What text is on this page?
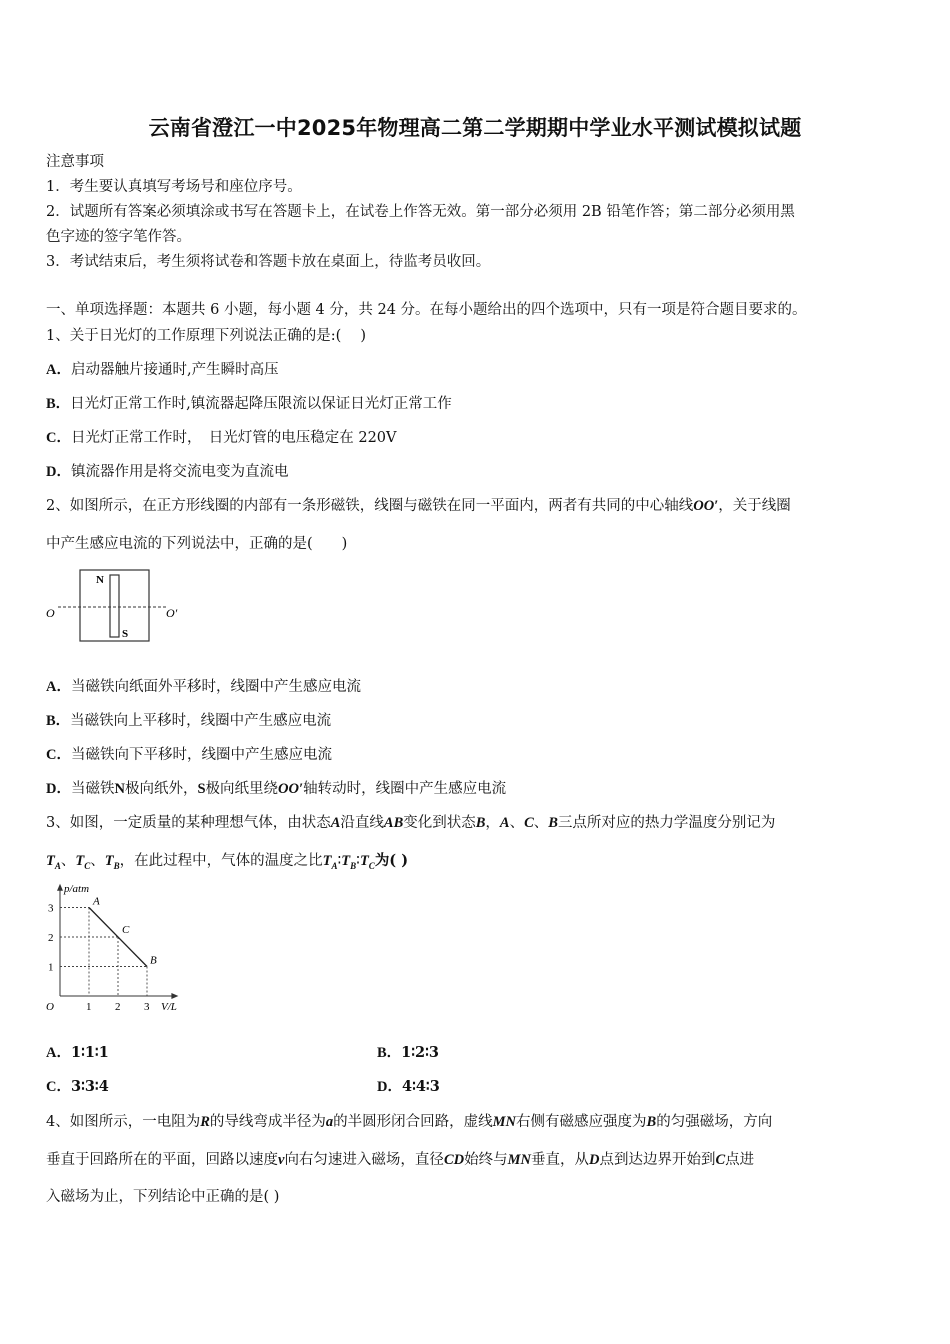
云南省澄江一中2025年物理高二第二学期期中学业水平测试模拟试题
注意事项
1．考生要认真填写考场号和座位序号。
2．试题所有答案必须填涂或书写在答题卡上，在试卷上作答无效。第一部分必须用 2B 铅笔作答；第二部分必须用黑
色字迹的签字笔作答。
3．考试结束后，考生须将试卷和答题卡放在桌面上，待监考员收回。
一、单项选择题：本题共 6 小题，每小题 4 分，共 24 分。在每小题给出的四个选项中，只有一项是符合题目要求的。
1、关于日光灯的工作原理下列说法正确的是:(　 )
A．启动器触片接通时,产生瞬时高压
B．日光灯正常工作时,镇流器起降压限流以保证日光灯正常工作
C．日光灯正常工作时，　日光灯管的电压稳定在 220V
D．镇流器作用是将交流电变为直流电
2、如图所示，在正方形线圈的内部有一条形磁铁，线圈与磁铁在同一平面内，两者有共同的中心轴线OO′，关于线圈
中产生感应电流的下列说法中，正确的是(　　)
N
S
O	O′
A．当磁铁向纸面外平移时，线圈中产生感应电流
B．当磁铁向上平移时，线圈中产生感应电流
C．当磁铁向下平移时，线圈中产生感应电流
D．当磁铁N极向纸外，S极向纸里绕OO′轴转动时，线圈中产生感应电流
3、如图，一定质量的某种理想气体，由状态A沿直线AB变化到状态B，A、C、B三点所对应的热力学温度分别记为
$T_A$、$T_C$、$T_B$，在此过程中，气体的温度之比$T_A∶T_B∶T_C$为( )
A
C
B
1 2 3
1
2
3
O	V/L
p/atm
A．1∶1∶1	B．1∶2∶3
C．3∶3∶4	D．4∶4∶3
4、如图所示，一电阻为R的导线弯成半径为a的半圆形闭合回路，虚线MN右侧有磁感应强度为B的匀强磁场，方向
垂直于回路所在的平面，回路以速度v向右匀速进入磁场，直径CD始终与MN垂直，从D点到达边界开始到C点进
入磁场为止，下列结论中正确的是( )
